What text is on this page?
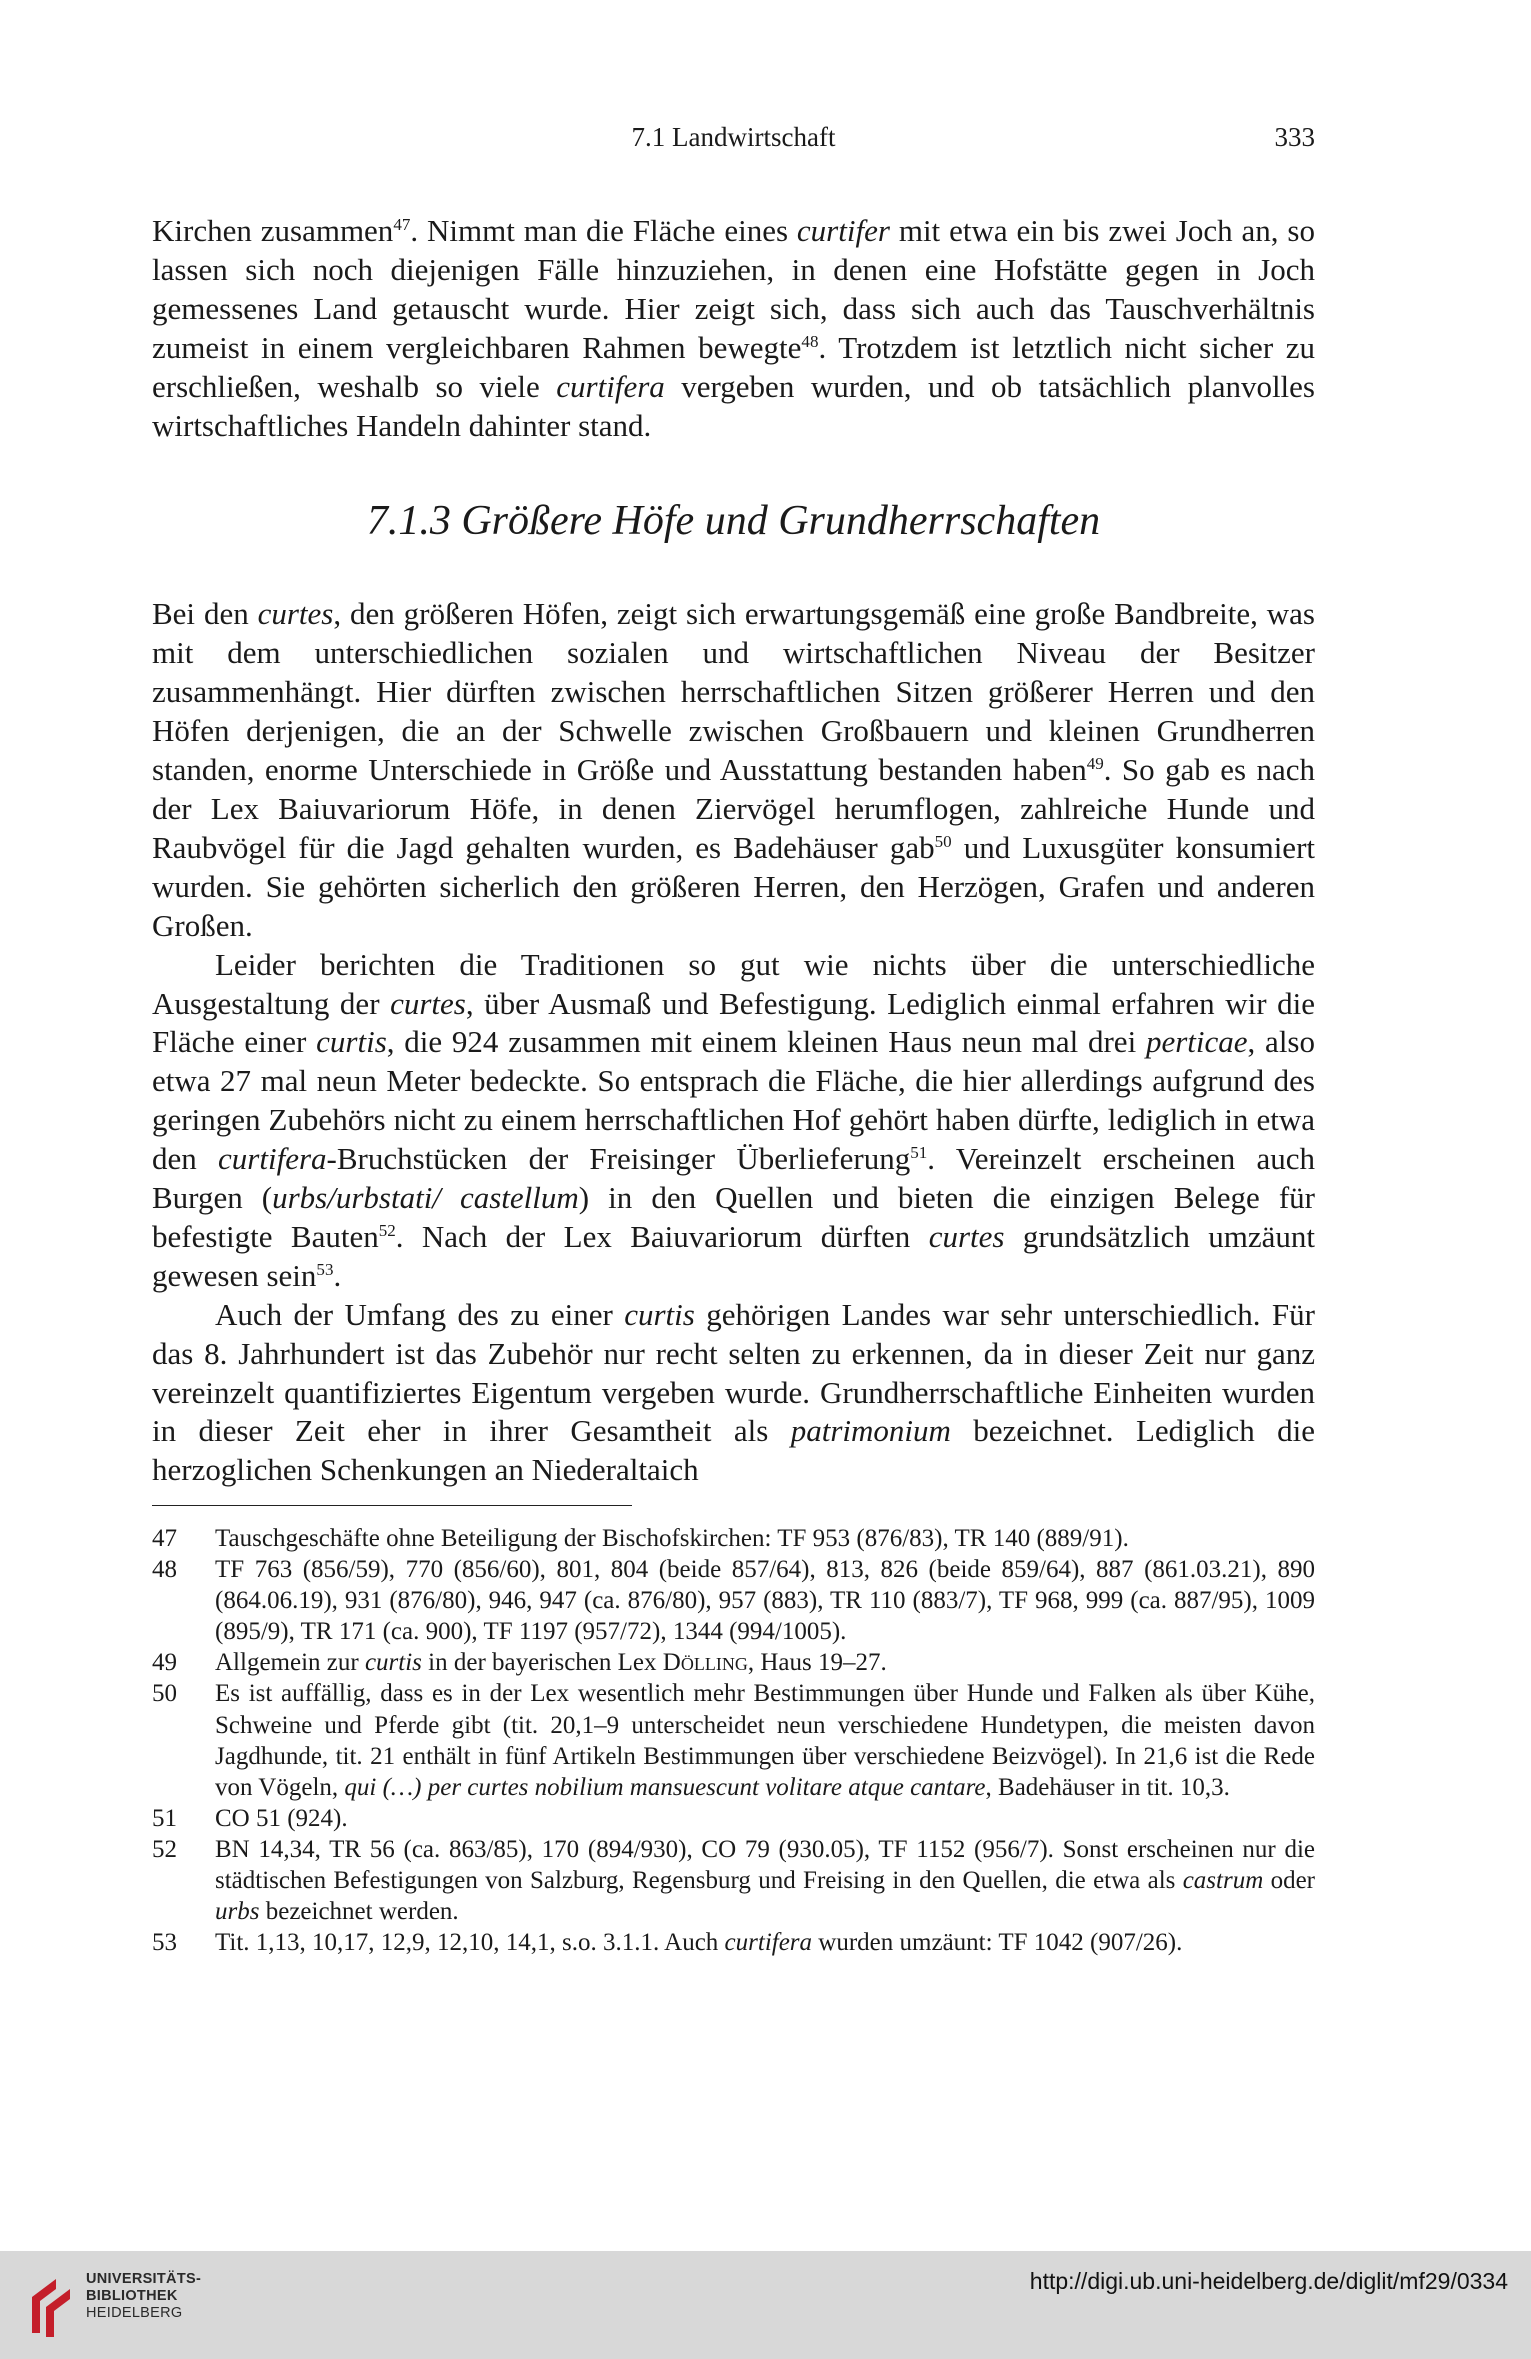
7.1 Landwirtschaft	333

Kirchen zusammen$^{47}$. Nimmt man die Fläche eines curtifer mit etwa ein bis zwei Joch an, so lassen sich noch diejenigen Fälle hinzuziehen, in denen eine Hofstätte gegen in Joch gemessenes Land getauscht wurde. Hier zeigt sich, dass sich auch das Tauschverhältnis zumeist in einem vergleichbaren Rahmen bewegte$^{48}$. Trotzdem ist letztlich nicht sicher zu erschließen, weshalb so viele curtifera vergeben wurden, und ob tatsächlich planvolles wirtschaftliches Handeln dahinter stand.

7.1.3 Größere Höfe und Grundherrschaften

Bei den curtes, den größeren Höfen, zeigt sich erwartungsgemäß eine große Bandbreite, was mit dem unterschiedlichen sozialen und wirtschaftlichen Niveau der Besitzer zusammenhängt. Hier dürften zwischen herrschaftlichen Sitzen größerer Herren und den Höfen derjenigen, die an der Schwelle zwischen Großbauern und kleinen Grundherren standen, enorme Unterschiede in Größe und Ausstattung bestanden haben$^{49}$. So gab es nach der Lex Baiuvariorum Höfe, in denen Ziervögel herumflogen, zahlreiche Hunde und Raubvögel für die Jagd gehalten wurden, es Badehäuser gab$^{50}$ und Luxusgüter konsumiert wurden. Sie gehörten sicherlich den größeren Herren, den Herzögen, Grafen und anderen Großen.

Leider berichten die Traditionen so gut wie nichts über die unterschiedliche Ausgestaltung der curtes, über Ausmaß und Befestigung. Lediglich einmal erfahren wir die Fläche einer curtis, die 924 zusammen mit einem kleinen Haus neun mal drei perticae, also etwa 27 mal neun Meter bedeckte. So entsprach die Fläche, die hier allerdings aufgrund des geringen Zubehörs nicht zu einem herrschaftlichen Hof gehört haben dürfte, lediglich in etwa den curtifera-Bruchstücken der Freisinger Überlieferung$^{51}$. Vereinzelt erscheinen auch Burgen (urbs/urbstati/ castellum) in den Quellen und bieten die einzigen Belege für befestigte Bauten$^{52}$. Nach der Lex Baiuvariorum dürften curtes grundsätzlich umzäunt gewesen sein$^{53}$.

Auch der Umfang des zu einer curtis gehörigen Landes war sehr unterschiedlich. Für das 8. Jahrhundert ist das Zubehör nur recht selten zu erkennen, da in dieser Zeit nur ganz vereinzelt quantifiziertes Eigentum vergeben wurde. Grundherrschaftliche Einheiten wurden in dieser Zeit eher in ihrer Gesamtheit als patrimonium bezeichnet. Lediglich die herzoglichen Schenkungen an Niederaltaich

47	Tauschgeschäfte ohne Beteiligung der Bischofskirchen: TF 953 (876/83), TR 140 (889/91).
48	TF 763 (856/59), 770 (856/60), 801, 804 (beide 857/64), 813, 826 (beide 859/64), 887 (861.03.21), 890 (864.06.19), 931 (876/80), 946, 947 (ca. 876/80), 957 (883), TR 110 (883/7), TF 968, 999 (ca. 887/95), 1009 (895/9), TR 171 (ca. 900), TF 1197 (957/72), 1344 (994/1005).
49	Allgemein zur curtis in der bayerischen Lex Dölling, Haus 19–27.
50	Es ist auffällig, dass es in der Lex wesentlich mehr Bestimmungen über Hunde und Falken als über Kühe, Schweine und Pferde gibt (tit. 20,1–9 unterscheidet neun verschiedene Hundetypen, die meisten davon Jagdhunde, tit. 21 enthält in fünf Artikeln Bestimmungen über verschiedene Beizvögel). In 21,6 ist die Rede von Vögeln, qui (…) per curtes nobilium mansuescunt volitare atque cantare, Badehäuser in tit. 10,3.
51	CO 51 (924).
52	BN 14,34, TR 56 (ca. 863/85), 170 (894/930), CO 79 (930.05), TF 1152 (956/7). Sonst erscheinen nur die städtischen Befestigungen von Salzburg, Regensburg und Freising in den Quellen, die etwa als castrum oder urbs bezeichnet werden.
53	Tit. 1,13, 10,17, 12,9, 12,10, 14,1, s.o. 3.1.1. Auch curtifera wurden umzäunt: TF 1042 (907/26).
UNIVERSITÄTS-
BIBLIOTHEK
HEIDELBERG
http://digi.ub.uni-heidelberg.de/diglit/mf29/0334
